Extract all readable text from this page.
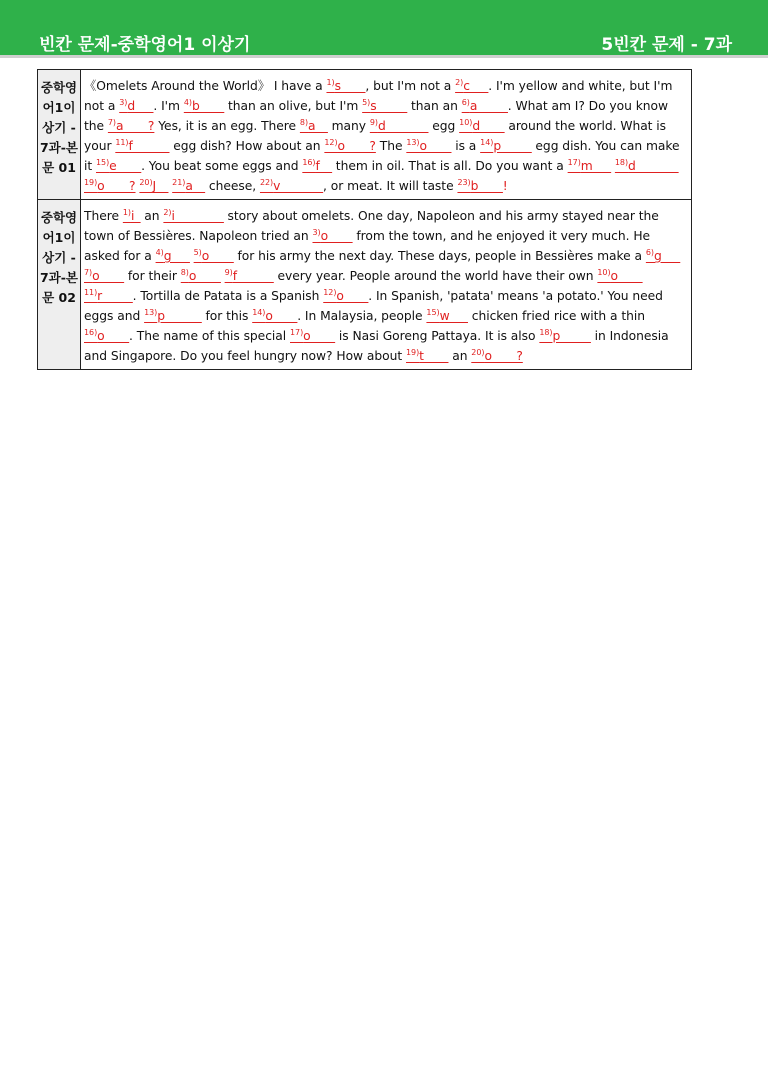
빈칸 문제-중학영어1 이상기	5빈칸 문제 - 7과
중학영어1이상기 - 7과-본문 01	《Omelets Around the World》 I have a $^{1)}$s____, but I'm not a $^{2)}$c___. I'm yellow and white, but I'm not a $^{3)}$d___. I'm $^{4)}$b____ than an olive, but I'm $^{5)}$s_____ than an $^{6)}$a_____. What am I? Do you know the $^{7)}$a____? Yes, it is an egg. There $^{8)}$a__ many $^{9)}$d_______ egg $^{10)}$d____ around the world. What is your $^{11)}$f______ egg dish? How about an $^{12)}$o____? The $^{13)}$o____ is a $^{14)}$p_____ egg dish. You can make it $^{15)}$e____. You beat some eggs and $^{16)}$f__ them in oil. That is all. Do you want a $^{17)}$m___ $^{18)}$d_______ $^{19)}$o____? $^{20)}$J__ $^{21)}$a__ cheese, $^{22)}$v_______, or meat. It will taste $^{23)}$b____!
중학영어1이상기 - 7과-본문 02	There $^{1)}$i_ an $^{2)}$i________ story about omelets. One day, Napoleon and his army stayed near the town of Bessières. Napoleon tried an $^{3)}$o____ from the town, and he enjoyed it very much. He asked for a $^{4)}$g___ $^{5)}$o____ for his army the next day. These days, people in Bessières make a $^{6)}$g___ $^{7)}$o____ for their $^{8)}$o____ $^{9)}$f______ every year. People around the world have their own $^{10)}$o____ $^{11)}$r_____. Tortilla de Patata is a Spanish $^{12)}$o____. In Spanish, 'patata' means 'a potato.' You need eggs and $^{13)}$p______ for this $^{14)}$o____. In Malaysia, people $^{15)}$w___ chicken fried rice with a thin $^{16)}$o____. The name of this special $^{17)}$o____ is Nasi Goreng Pattaya. It is also $^{18)}$p_____ in Indonesia and Singapore. Do you feel hungry now? How about $^{19)}$t____ an $^{20)}$o____?
